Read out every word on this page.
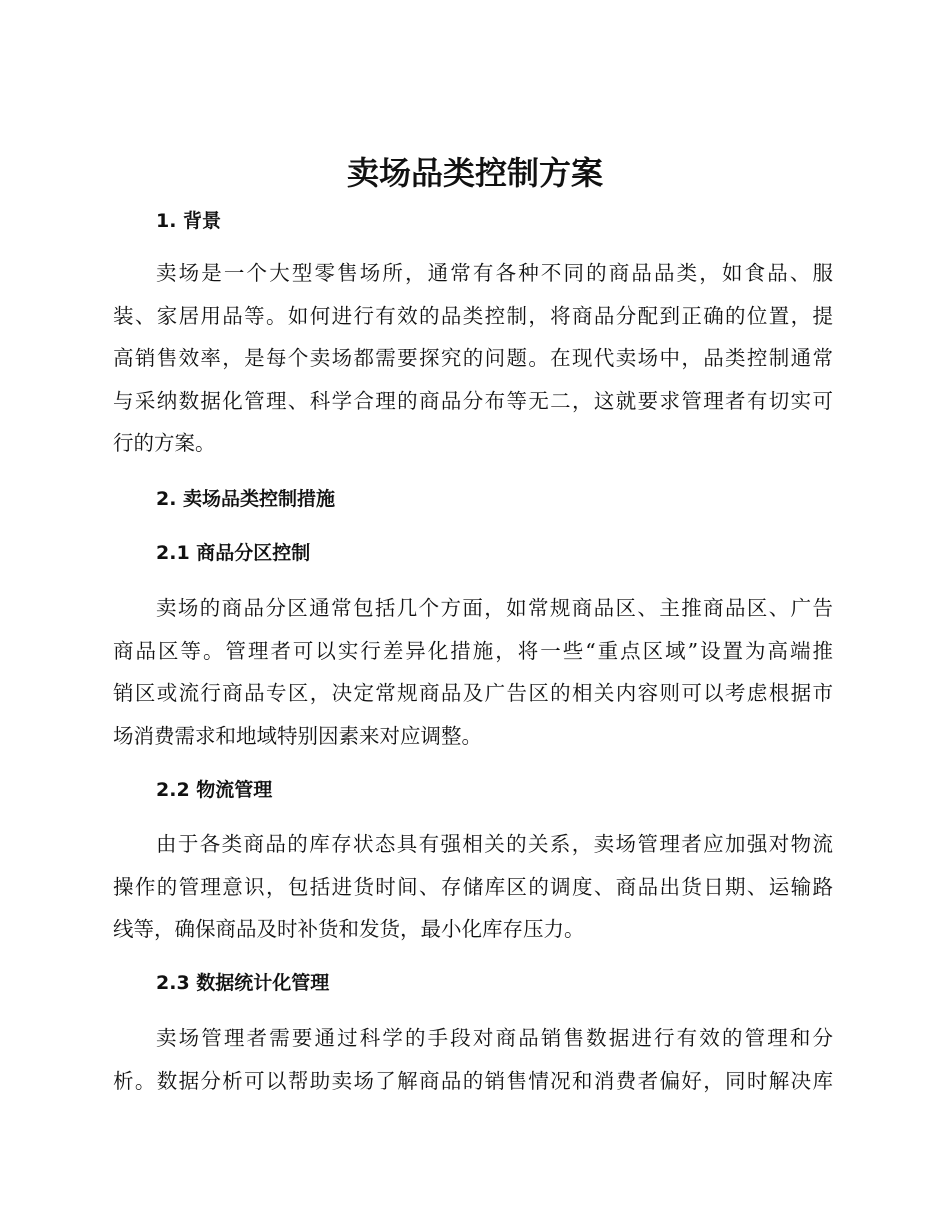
卖场品类控制方案
1. 背景
卖场是一个大型零售场所，通常有各种不同的商品品类，如食品、服
装、家居用品等。如何进行有效的品类控制，将商品分配到正确的位置，提
高销售效率，是每个卖场都需要探究的问题。在现代卖场中，品类控制通常
与采纳数据化管理、科学合理的商品分布等无二，这就要求管理者有切实可
行的方案。
2. 卖场品类控制措施
2.1 商品分区控制
卖场的商品分区通常包括几个方面，如常规商品区、主推商品区、广告
商品区等。管理者可以实行差异化措施，将一些“重点区域”设置为高端推
销区或流行商品专区，决定常规商品及广告区的相关内容则可以考虑根据市
场消费需求和地域特别因素来对应调整。
2.2 物流管理
由于各类商品的库存状态具有强相关的关系，卖场管理者应加强对物流
操作的管理意识，包括进货时间、存储库区的调度、商品出货日期、运输路
线等，确保商品及时补货和发货，最小化库存压力。
2.3 数据统计化管理
卖场管理者需要通过科学的手段对商品销售数据进行有效的管理和分
析。数据分析可以帮助卖场了解商品的销售情况和消费者偏好，同时解决库
